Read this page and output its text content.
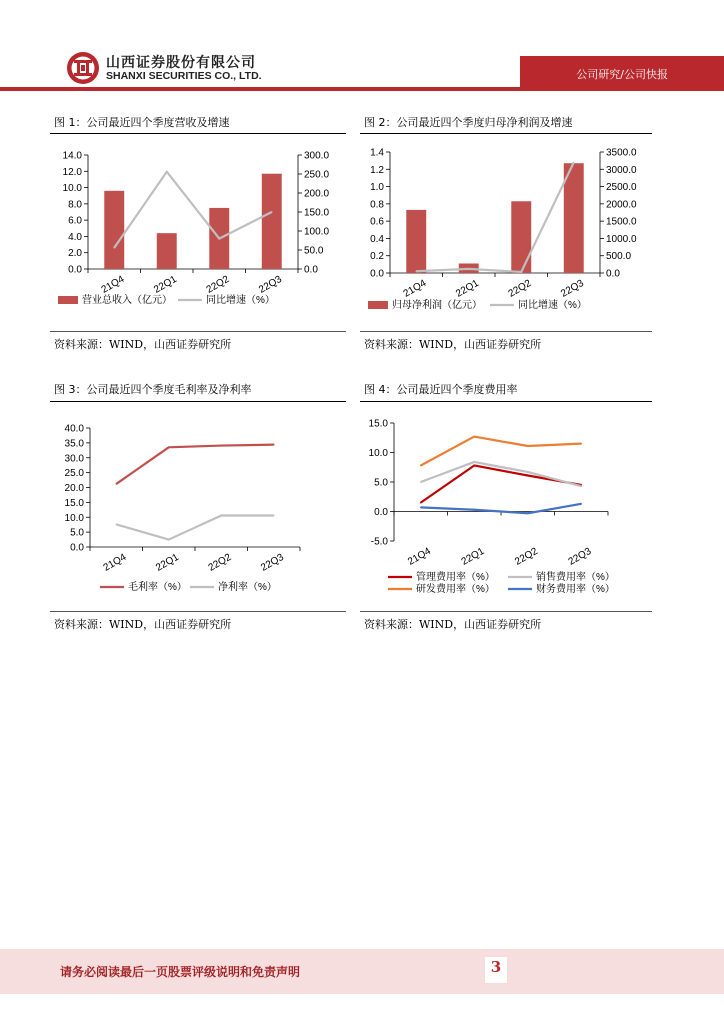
山西证券股份有限公司
SHANXI SECURITIES CO., LTD.	公司研究/公司快报
图 1：公司最近四个季度营收及增速
0.0
2.0
4.0
6.0
8.0
10.0
12.0
14.0
0.0
50.0
100.0
150.0
200.0
250.0
300.0
21Q4	22Q1	22Q2	22Q3
营业总收入（亿元）	同比增速（%）
资料来源：WIND，山西证券研究所
图 2：公司最近四个季度归母净利润及增速
0.0
0.2
0.4
0.6
0.8
1.0
1.2
1.4
0.0
500.0
1000.0
1500.0
2000.0
2500.0
3000.0
3500.0
21Q4	22Q1	22Q2	22Q3
归母净利润（亿元）	同比增速（%）
资料来源：WIND，山西证券研究所
图 3：公司最近四个季度毛利率及净利率
0.0
5.0
10.0
15.0
20.0
25.0
30.0
35.0
40.0
21Q4	22Q1	22Q2	22Q3
毛利率（%）	净利率（%）
资料来源：WIND，山西证券研究所
图 4：公司最近四个季度费用率
-5.0
0.0
5.0
10.0
15.0
21Q4	22Q1	22Q2	22Q3
管理费用率（%）	销售费用率（%）
研发费用率（%）	财务费用率（%）
资料来源：WIND，山西证券研究所
请务必阅读最后一页股票评级说明和免责声明	3
